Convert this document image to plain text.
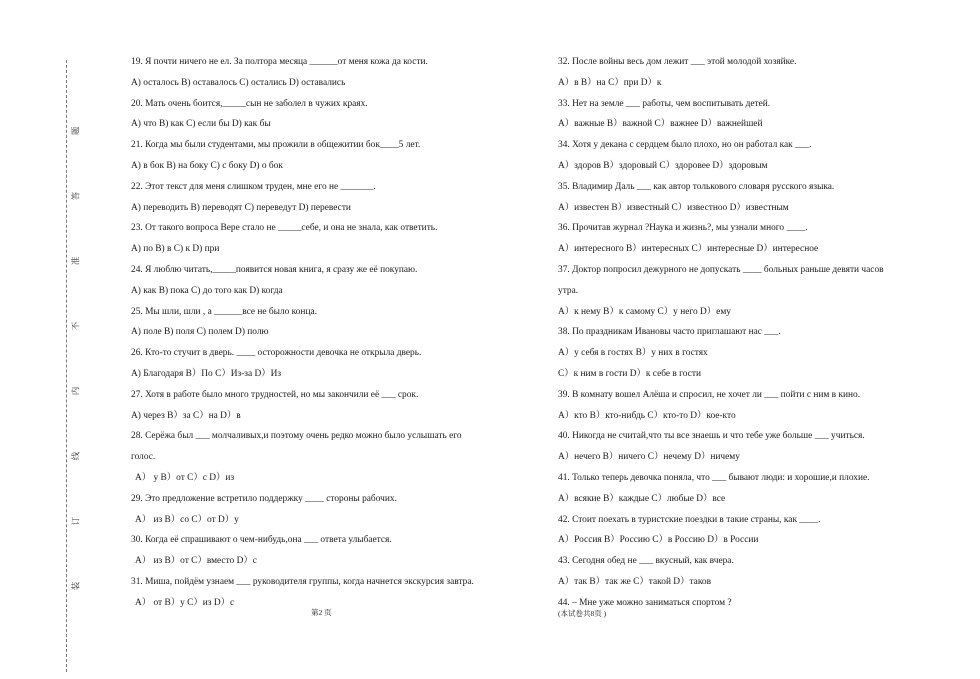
装
订
线
内
不
准
答
题
19. Я почти ничего не ел. За полтора месяца ______от меня кожа да кости.
A) осталось B) оставалось C) остались D) оставались
20. Мать очень боится,_____сын не заболел в чужих краях.
A) что B) как C) если бы D) как бы
21. Когда мы были студентами, мы прожили в общежитии бок____5 лет.
A) в бок B) на боку C) с боку D) о бок
22. Этот текст для меня слишком труден, мне его не _______.
A) переводить B) переводят C) переведут D) перевести
23. От такого вопроса Вере стало не _____себе, и она не знала, как ответить.
A) по B) в C) к D) при
24. Я люблю читать,_____появится новая книга, я сразу же её покупаю.
A) как B) пока C) до того как D) когда
25. Мы шли, шли , а ______все не было конца.
A) поле B) поля C) полем D) полю
26. Кто-то стучит в дверь. ____ осторожности девочка не открыла дверь.
A) Благодаря B）По C）Из-за D）Из
27. Хотя в работе было много трудностей, но мы закончили её ___ срок.
A) через B）за C）на D）в
28. Серёжа был ___ молчаливых,и поэтому очень редко можно было услышать его
голос.
A） у B）от C）с D）из
29. Это предложение встретило поддержку ____ стороны рабочих.
A） из B）со C）от D）у
30. Когда её спрашивают о чем-нибудь,она ___ ответа улыбается.
A） из B）от C）вместо D）с
31. Миша, пойдём узнаем ___ руководителя группы, когда начнется экскурсия завтра.
A） от B）у C）из D）с
32. После войны весь дом лежит ___ этой молодой хозяйке.
A）в B）на C）при D）к
33. Нет на земле ___ работы, чем воспитывать детей.
A）важные B）важной C）важнее D）важнейшей
34. Хотя у декана с сердцем было плохо, но он работал как ___.
A）здоров B）здоровый C）здоровее D）здоровым
35. Владимир Даль ___ как автор толькового словаря русского языка.
A）известен B）известный C）известноо D）известным
36. Прочитав журнал ?Наука и жизнь?, мы узнали много ____.
A）интересного B）интересных C）интересные D）интересное
37. Доктор попросил дежурного не допускать ____ больных раньше девяти часов
утра.
A）к нему B）к самому C）у него D）ему
38. По праздникам Ивановы часто приглашают нас ___.
A）у себя в гостях B）у них в гостях
C）к ним в гости D）к себе в гости
39. В комнату вошел Алёша и спросил, не хочет ли ___ пойти с ним в кино.
A）кто B）кто-нибдь C）кто-то D）кое-кто
40. Никогда не считай,что ты все знаешь и что тебе уже больше ___ учиться.
A）нечего B）ничего C）нечему D）ничему
41. Только теперь девочка поняла, что ___ бывают люди: и хорошие,и плохие.
A）всякие B）каждые C）любые D）все
42. Стоит поехать в туристские поездки в такие страны, как ____.
A）Россия B）Россию C）в Россию D）в России
43. Сегодня обед не ___ вкусный, как вчера.
A）так B）так же C）такой D）таков
44. – Мне уже можно заниматься спортом ?
第2 页	(本试卷共8页 )
